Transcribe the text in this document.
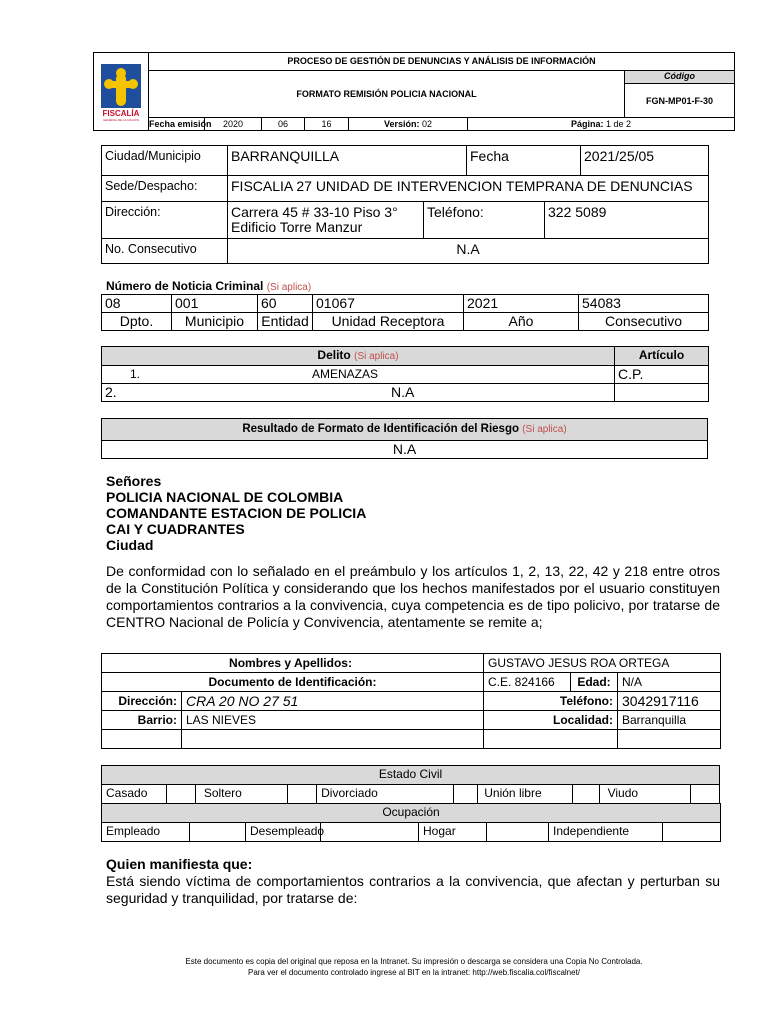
FISCALÍA
GENERAL DE LA NACIÓN	PROCESO DE GESTIÓN DE DENUNCIAS Y ANÁLISIS DE INFORMACIÓN						
	FORMATO REMISIÓN POLICIA NACIONAL						Código
							FGN-MP01-F-30
	Fecha emisión	2020	06	16	Versión: 02	Página: 1 de 2	
Ciudad/Municipio	BARRANQUILLA		Fecha		2021/25/05
Sede/Despacho:	FISCALIA 27 UNIDAD DE INTERVENCION TEMPRANA DE DENUNCIAS				
Dirección:	Carrera 45 # 33-10 Piso 3°
Edificio Torre Manzur	Teléfono:		322 5089	
No. Consecutivo	N.A				
Número de Noticia Criminal (Si aplica)
08	001	60	01067	2021	54083
Dpto.	Municipio	Entidad	Unidad Receptora	Año	Consecutivo
Delito (Si aplica)	Artículo
1. AMENAZAS	C.P.
2. N.A	
Resultado de Formato de Identificación del Riesgo (Si aplica)
N.A
Señores
POLICIA NACIONAL DE COLOMBIA
COMANDANTE ESTACION DE POLICIA
CAI Y CUADRANTES
Ciudad
De conformidad con lo señalado en el preámbulo y los artículos 1, 2, 13, 22, 42 y 218 entre otros de la Constitución Política y considerando que los hechos manifestados por el usuario constituyen comportamientos contrarios a la convivencia, cuya competencia es de tipo policivo, por tratarse de CENTRO Nacional de Policía y Convivencia, atentamente se remite a;
Nombres y Apellidos:		GUSTAVO JESUS ROA ORTEGA		
Documento de Identificación:		C.E. 824166	Edad:	N/A
Dirección:	CRA 20 NO 27 51	Teléfono:		3042917116
Barrio:	LAS NIEVES	Localidad:		Barranquilla

Estado Civil
Casado		Soltero		Divorciado		Unión libre		Viudo	
Ocupación
Empleado		Desempleado		Hogar		Independiente	
Quien manifiesta que:
Está siendo víctima de comportamientos contrarios a la convivencia, que afectan y perturban su seguridad y tranquilidad, por tratarse de:
Este documento es copia del original que reposa en la Intranet. Su impresión o descarga se considera una Copia No Controlada.
Para ver el documento controlado ingrese al BIT en la intranet: http://web.fiscalia.col/fiscalnet/
